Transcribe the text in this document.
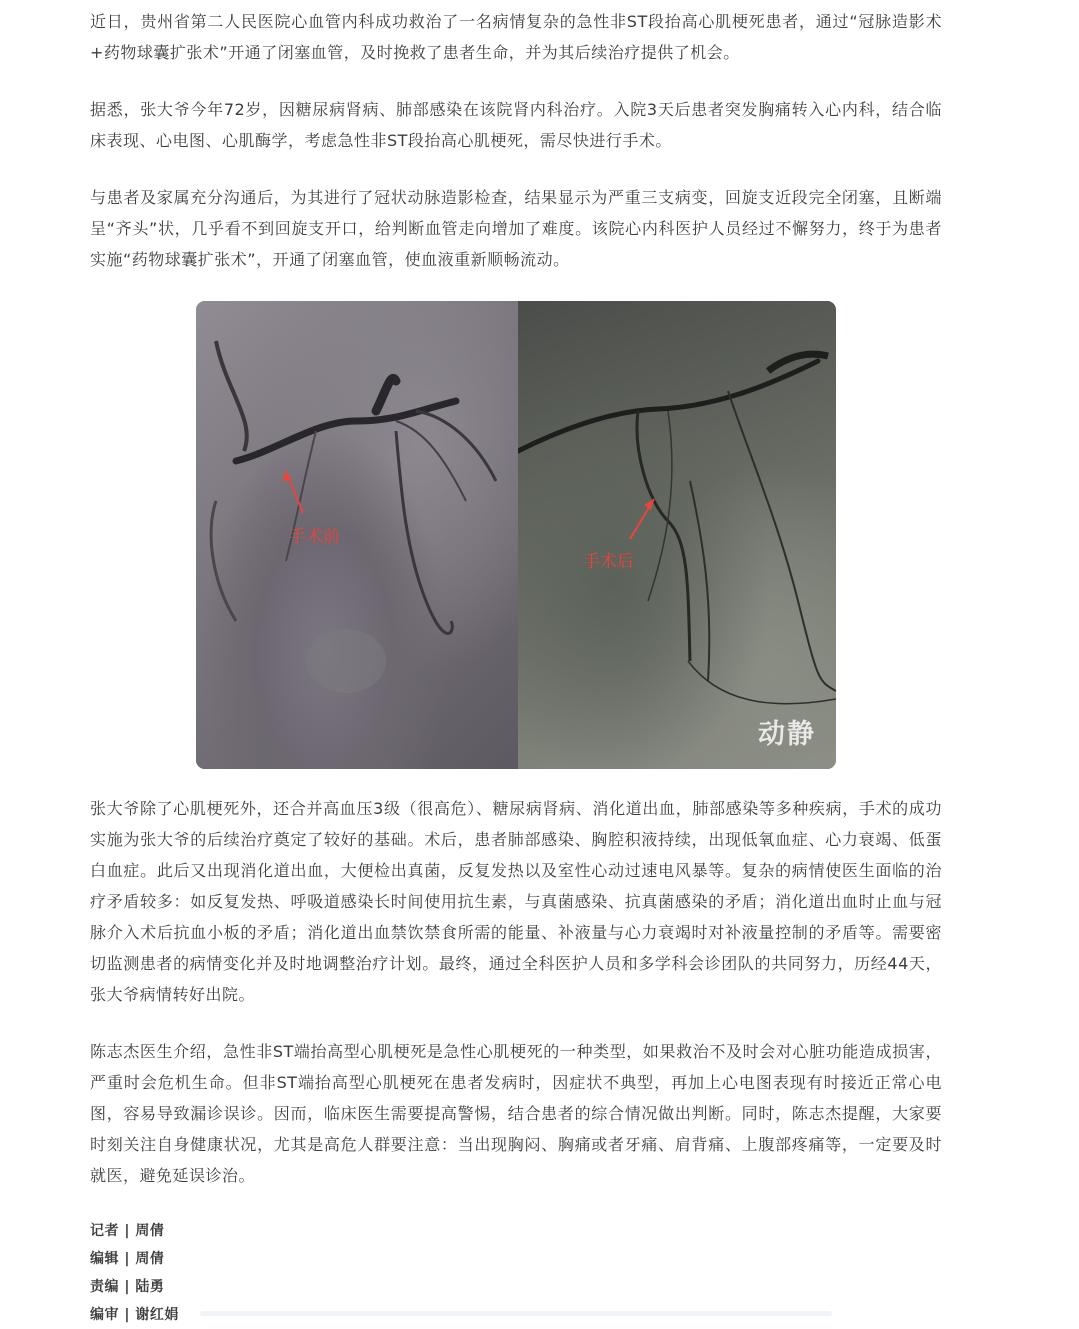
近日，贵州省第二人民医院心血管内科成功救治了一名病情复杂的急性非ST段抬高心肌梗死患者，通过“冠脉造影术+药物球囊扩张术”开通了闭塞血管，及时挽救了患者生命，并为其后续治疗提供了机会。

据悉，张大爷今年72岁，因糖尿病肾病、肺部感染在该院肾内科治疗。入院3天后患者突发胸痛转入心内科，结合临床表现、心电图、心肌酶学，考虑急性非ST段抬高心肌梗死，需尽快进行手术。

与患者及家属充分沟通后，为其进行了冠状动脉造影检查，结果显示为严重三支病变，回旋支近段完全闭塞，且断端呈“齐头”状，几乎看不到回旋支开口，给判断血管走向增加了难度。该院心内科医护人员经过不懈努力，终于为患者实施“药物球囊扩张术”，开通了闭塞血管，使血液重新顺畅流动。

手术前
手术后
动静

张大爷除了心肌梗死外，还合并高血压3级（很高危）、糖尿病肾病、消化道出血，肺部感染等多种疾病，手术的成功实施为张大爷的后续治疗奠定了较好的基础。术后，患者肺部感染、胸腔积液持续，出现低氧血症、心力衰竭、低蛋白血症。此后又出现消化道出血，大便检出真菌，反复发热以及室性心动过速电风暴等。复杂的病情使医生面临的治疗矛盾较多：如反复发热、呼吸道感染长时间使用抗生素，与真菌感染、抗真菌感染的矛盾；消化道出血时止血与冠脉介入术后抗血小板的矛盾；消化道出血禁饮禁食所需的能量、补液量与心力衰竭时对补液量控制的矛盾等。需要密切监测患者的病情变化并及时地调整治疗计划。最终，通过全科医护人员和多学科会诊团队的共同努力，历经44天，张大爷病情转好出院。

陈志杰医生介绍，急性非ST端抬高型心肌梗死是急性心肌梗死的一种类型，如果救治不及时会对心脏功能造成损害，严重时会危机生命。但非ST端抬高型心肌梗死在患者发病时，因症状不典型，再加上心电图表现有时接近正常心电图，容易导致漏诊误诊。因而，临床医生需要提高警惕，结合患者的综合情况做出判断。同时，陈志杰提醒，大家要时刻关注自身健康状况，尤其是高危人群要注意：当出现胸闷、胸痛或者牙痛、肩背痛、上腹部疼痛等，一定要及时就医，避免延误诊治。

记者 | 周倩
编辑 | 周倩
责编 | 陆勇
编审 | 谢红娟
